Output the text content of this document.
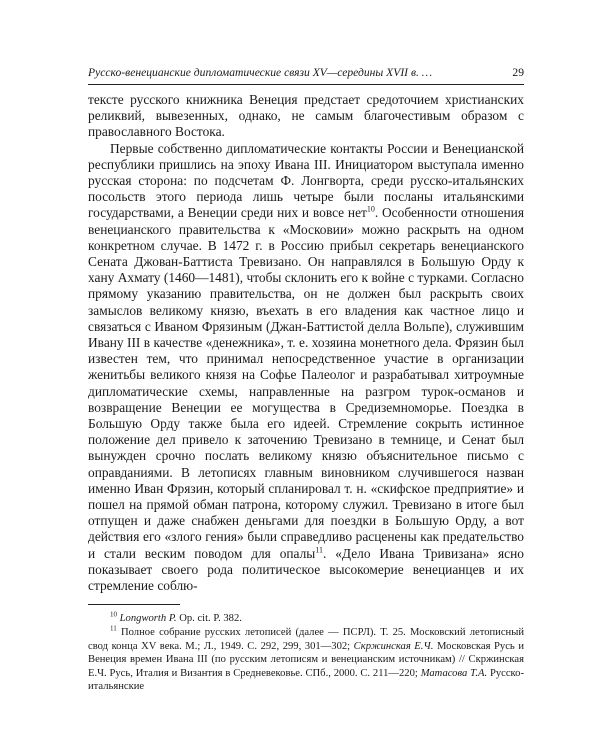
Русско-венецианские дипломатические связи XV—середины XVII в. …	29

тексте русского книжника Венеция предстает средоточием христианских реликвий, вывезенных, однако, не самым благочестивым образом с православного Востока.

Первые собственно дипломатические контакты России и Венецианской республики пришлись на эпоху Ивана III. Инициатором выступала именно русская сторона: по подсчетам Ф. Лонгворта, среди русско-итальянских посольств этого периода лишь четыре были посланы итальянскими государствами, а Венеции среди них и вовсе нет$^{10}$. Особенности отношения венецианского правительства к «Московии» можно раскрыть на одном конкретном случае. В 1472 г. в Россию прибыл секретарь венецианского Сената Джован-Баттиста Тревизано. Он направлялся в Большую Орду к хану Ахмату (1460—1481), чтобы склонить его к войне с турками. Согласно прямому указанию правительства, он не должен был раскрыть своих замыслов великому князю, въехать в его владения как частное лицо и связаться с Иваном Фрязиным (Джан-Баттистой делла Вольпе), служившим Ивану III в качестве «денежника», т. е. хозяина монетного дела. Фрязин был известен тем, что принимал непосредственное участие в организации женитьбы великого князя на Софье Палеолог и разрабатывал хитроумные дипломатические схемы, направленные на разгром турок-османов и возвращение Венеции ее могущества в Средиземноморье. Поездка в Большую Орду также была его идеей. Стремление сокрыть истинное положение дел привело к заточению Тревизано в темнице, и Сенат был вынужден срочно послать великому князю объяснительное письмо с оправданиями. В летописях главным виновником случившегося назван именно Иван Фрязин, который спланировал т. н. «скифское предприятие» и пошел на прямой обман патрона, которому служил. Тревизано в итоге был отпущен и даже снабжен деньгами для поездки в Большую Орду, а вот действия его «злого гения» были справедливо расценены как предательство и стали веским поводом для опалы$^{11}$. «Дело Ивана Тривизана» ясно показывает своего рода политическое высокомерие венецианцев и их стремление соблю-

$^{10}$ Longworth P. Op. cit. P. 382.

$^{11}$ Полное собрание русских летописей (далее — ПСРЛ). Т. 25. Московский летописный свод конца XV века. М.; Л., 1949. С. 292, 299, 301—302; Скржинская Е.Ч. Московская Русь и Венеция времен Ивана III (по русским летописям и венецианским источникам) // Скржинская Е.Ч. Русь, Италия и Византия в Средневековье. СПб., 2000. С. 211—220; Матасова Т.А. Русско-итальянские
